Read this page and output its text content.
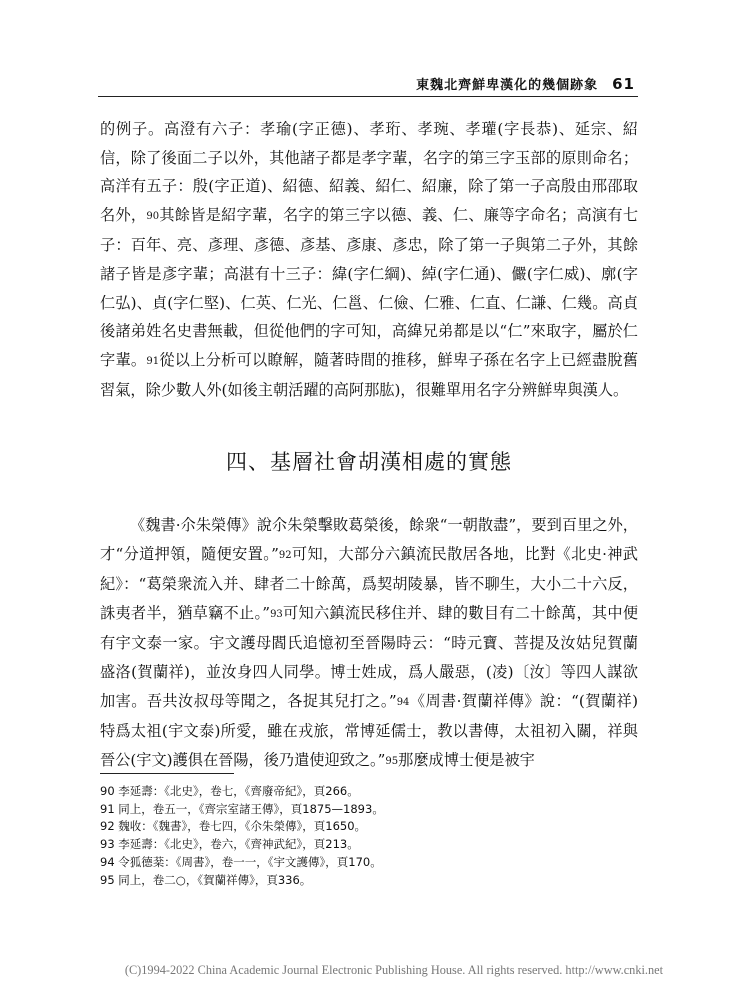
東魏北齊鮮卑漢化的幾個跡象 61

的例子。高澄有六子：孝瑜(字正德)、孝珩、孝琬、孝瓘(字長恭)、延宗、紹信，除了後面二子以外，其他諸子都是孝字輩，名字的第三字玉部的原則命名；高洋有五子：殷(字正道)、紹德、紹義、紹仁、紹廉，除了第一子高殷由邢邵取名外，90其餘皆是紹字輩，名字的第三字以德、義、仁、廉等字命名；高演有七子：百年、亮、彥理、彥德、彥基、彥康、彥忠，除了第一子與第二子外，其餘諸子皆是彥字輩；高湛有十三子：緯(字仁綱)、綽(字仁通)、儼(字仁威)、廓(字仁弘)、貞(字仁堅)、仁英、仁光、仁邕、仁儉、仁雅、仁直、仁謙、仁幾。高貞後諸弟姓名史書無載，但從他們的字可知，高緯兄弟都是以“仁”來取字，屬於仁字輩。91從以上分析可以瞭解，隨著時間的推移，鮮卑子孫在名字上已經盡脫舊習氣，除少數人外(如後主朝活躍的高阿那肱)，很難單用名字分辨鮮卑與漢人。

四、基層社會胡漢相處的實態

《魏書·尒朱榮傳》說尒朱榮擊敗葛榮後，餘衆“一朝散盡”，要到百里之外，才“分道押領，隨便安置。”92可知，大部分六鎮流民散居各地，比對《北史·神武紀》：“葛榮衆流入并、肆者二十餘萬，爲契胡陵暴，皆不聊生，大小二十六反，誅夷者半，猶草竊不止。”93可知六鎮流民移住并、肆的數目有二十餘萬，其中便有宇文泰一家。宇文護母閻氏追憶初至晉陽時云：“時元寶、菩提及汝姑兒賀蘭盛洛(賀蘭祥)，並汝身四人同學。博士姓成，爲人嚴惡，(凌)〔汝〕等四人謀欲加害。吾共汝叔母等聞之，各捉其兒打之。”94《周書·賀蘭祥傳》說：“(賀蘭祥)特爲太祖(宇文泰)所愛，雖在戎旅，常博延儒士，教以書傳，太祖初入關，祥與晉公(宇文)護俱在晉陽，後乃遣使迎致之。”95那麼成博士便是被宇

90 李延壽：《北史》，卷七，《齊廢帝紀》，頁266。
91 同上，卷五一，《齊宗室諸王傳》，頁1875—1893。
92 魏收：《魏書》，卷七四，《尒朱榮傳》，頁1650。
93 李延壽：《北史》，卷六，《齊神武紀》，頁213。
94 令狐德棻：《周書》，卷一一，《宇文護傳》，頁170。
95 同上，卷二○，《賀蘭祥傳》，頁336。
(C)1994-2022 China Academic Journal Electronic Publishing House. All rights reserved. http://www.cnki.net
